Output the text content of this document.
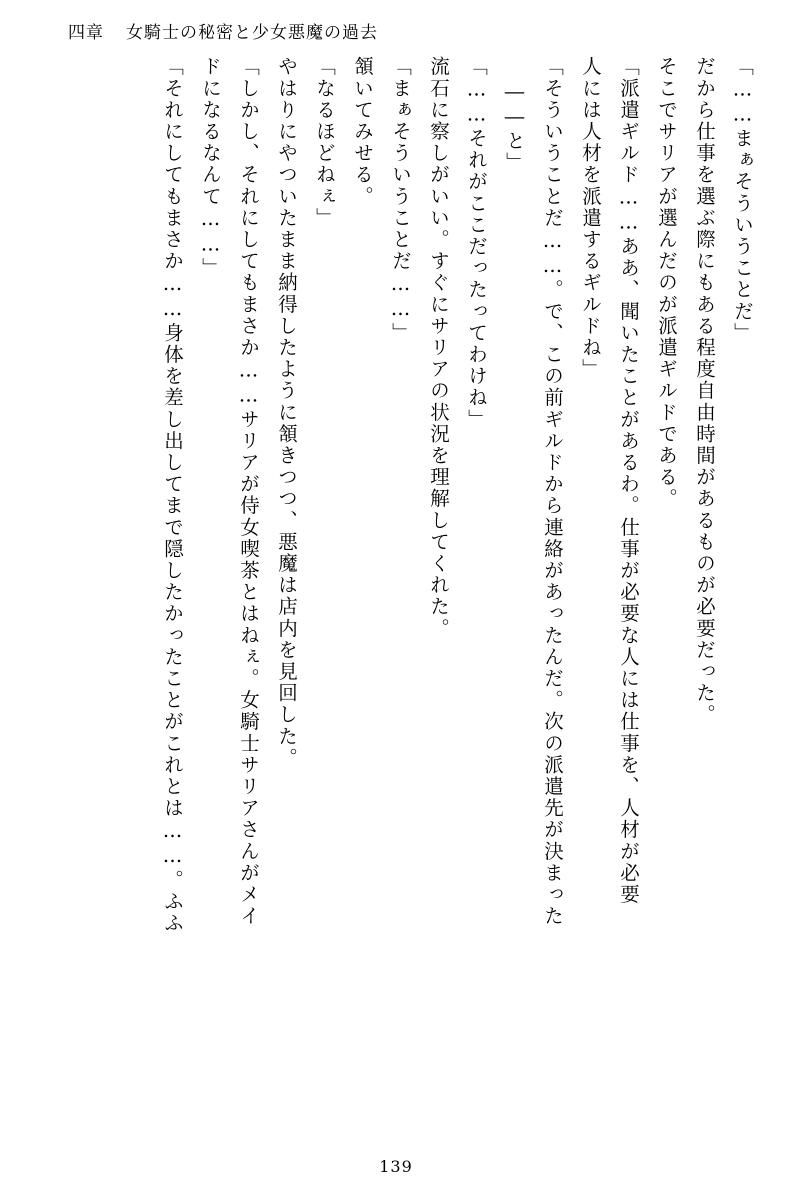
四章 女騎士の秘密と少女悪魔の過去
「……まぁそういうことだ」
だから仕事を選ぶ際にもある程度自由時間があるものが必要だった。
そこでサリアが選んだのが派遣ギルドである。
「派遣ギルド……ああ、聞いたことがあるわ。仕事が必要な人には仕事を、人材が必要
人には人材を派遣するギルドね」
「そういうことだ……。で、この前ギルドから連絡があったんだ。次の派遣先が決まった
――と」
「……それがここだったってわけね」
流石に察しがいい。すぐにサリアの状況を理解してくれた。
「まぁそういうことだ……」
頷いてみせる。
「なるほどねぇ」
やはりにやついたまま納得したように頷きつつ、悪魔は店内を見回した。
「しかし、それにしてもまさか……サリアが侍女喫茶とはねぇ。女騎士サリアさんがメイ
ドになるなんて……」
「それにしてもまさか……身体を差し出してまで隠したかったことがこれとは……。ふふ
139
